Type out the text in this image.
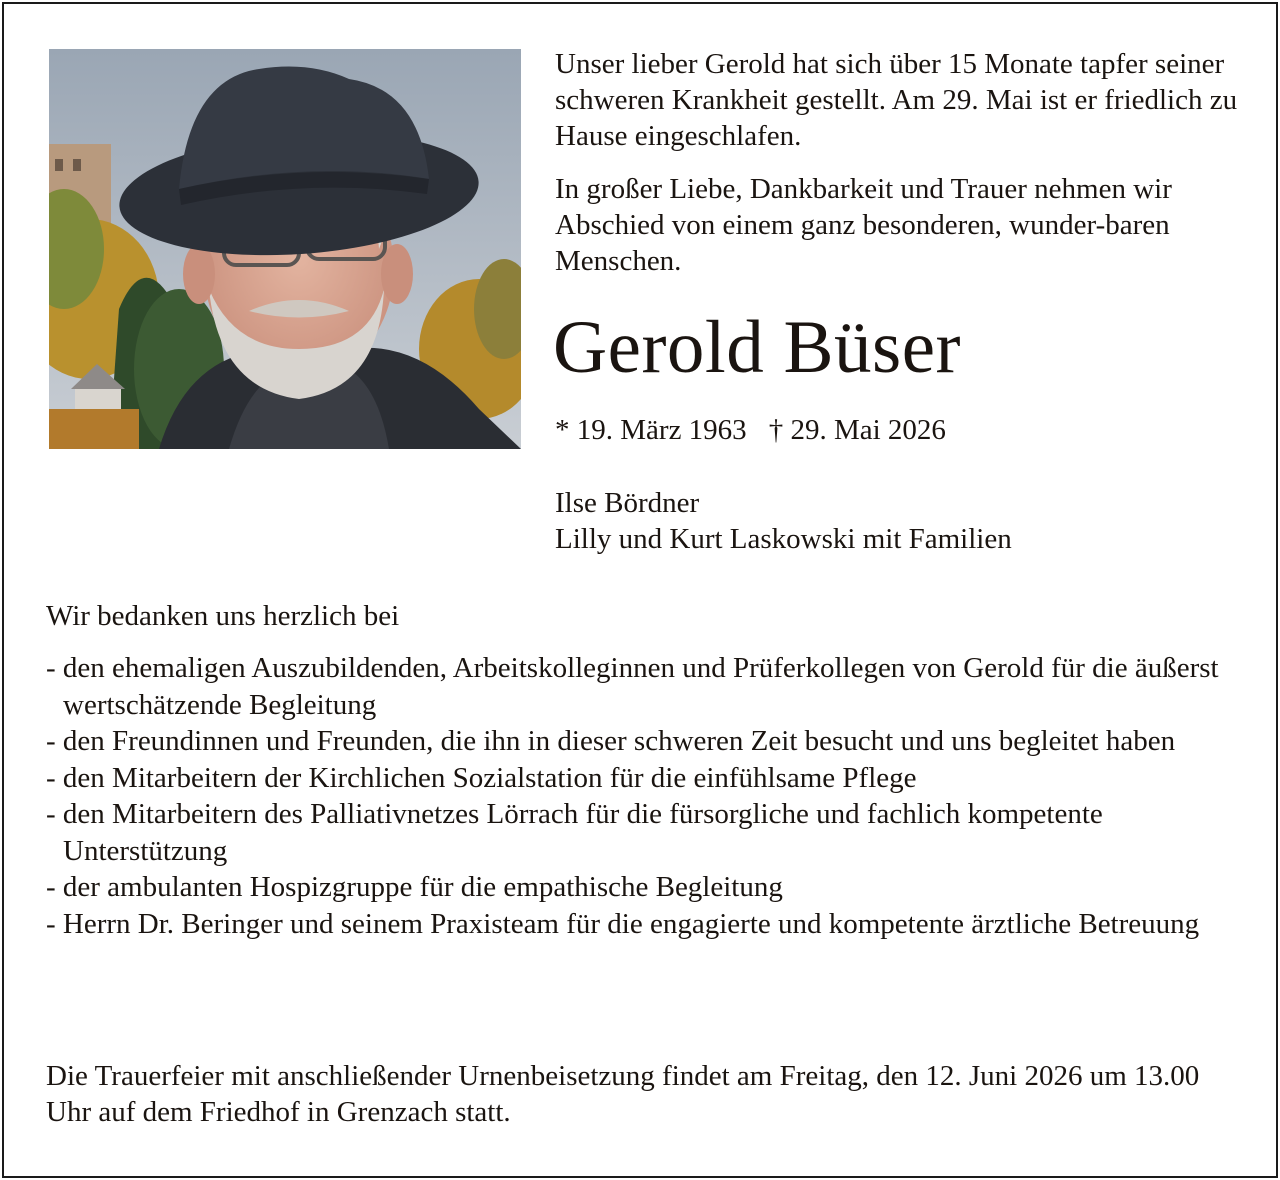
Unser lieber Gerold hat sich über 15 Monate tapfer seiner schweren Krankheit gestellt. Am 29. Mai ist er friedlich zu Hause eingeschlafen.

In großer Liebe, Dankbarkeit und Trauer nehmen wir Abschied von einem ganz besonderen, wunder-baren Menschen.

Gerold Büser
* 19. März 1963 † 29. Mai 2026
Ilse Bördner
Lilly und Kurt Laskowski mit Familien
Wir bedanken uns herzlich bei
- den ehemaligen Auszubildenden, Arbeitskolleginnen und Prüferkollegen von Gerold für die äußerst wertschätzende Begleitung
- den Freundinnen und Freunden, die ihn in dieser schweren Zeit besucht und uns begleitet haben
- den Mitarbeitern der Kirchlichen Sozialstation für die einfühlsame Pflege
- den Mitarbeitern des Palliativnetzes Lörrach für die fürsorgliche und fachlich kompetente Unterstützung
- der ambulanten Hospizgruppe für die empathische Begleitung
- Herrn Dr. Beringer und seinem Praxisteam für die engagierte und kompetente ärztliche Betreuung
Die Trauerfeier mit anschließender Urnenbeisetzung findet am Freitag, den 12. Juni 2026 um 13.00 Uhr auf dem Friedhof in Grenzach statt.
